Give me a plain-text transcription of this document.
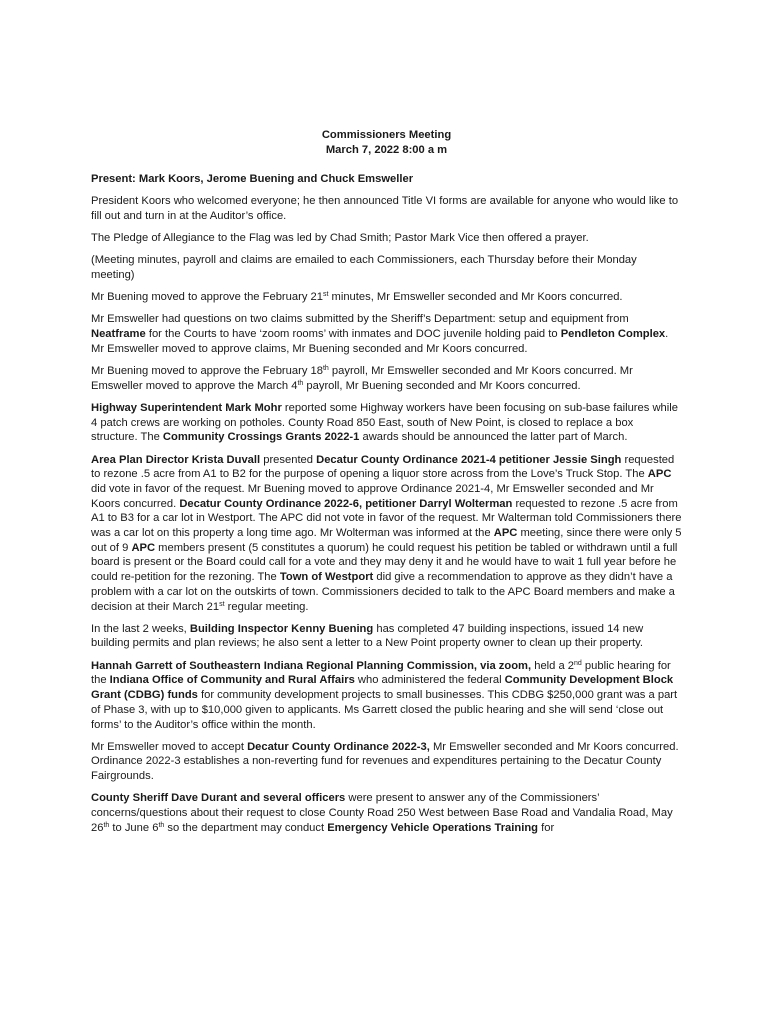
Commissioners Meeting
March 7, 2022 8:00 a m

Present: Mark Koors, Jerome Buening and Chuck Emsweller

President Koors who welcomed everyone; he then announced Title VI forms are available for anyone who would like to fill out and turn in at the Auditor’s office.

The Pledge of Allegiance to the Flag was led by Chad Smith; Pastor Mark Vice then offered a prayer.

(Meeting minutes, payroll and claims are emailed to each Commissioners, each Thursday before their Monday meeting)

Mr Buening moved to approve the February 21st minutes, Mr Emsweller seconded and Mr Koors concurred.

Mr Emsweller had questions on two claims submitted by the Sheriff’s Department: setup and equipment from Neatframe for the Courts to have ‘zoom rooms’ with inmates and DOC juvenile holding paid to Pendleton Complex. Mr Emsweller moved to approve claims, Mr Buening seconded and Mr Koors concurred.

Mr Buening moved to approve the February 18th payroll, Mr Emsweller seconded and Mr Koors concurred. Mr Emsweller moved to approve the March 4th payroll, Mr Buening seconded and Mr Koors concurred.

Highway Superintendent Mark Mohr reported some Highway workers have been focusing on sub-base failures while 4 patch crews are working on potholes. County Road 850 East, south of New Point, is closed to replace a box structure. The Community Crossings Grants 2022-1 awards should be announced the latter part of March.

Area Plan Director Krista Duvall presented Decatur County Ordinance 2021-4 petitioner Jessie Singh requested to rezone .5 acre from A1 to B2 for the purpose of opening a liquor store across from the Love’s Truck Stop. The APC did vote in favor of the request. Mr Buening moved to approve Ordinance 2021-4, Mr Emsweller seconded and Mr Koors concurred. Decatur County Ordinance 2022-6, petitioner Darryl Wolterman requested to rezone .5 acre from A1 to B3 for a car lot in Westport. The APC did not vote in favor of the request. Mr Walterman told Commissioners there was a car lot on this property a long time ago. Mr Wolterman was informed at the APC meeting, since there were only 5 out of 9 APC members present (5 constitutes a quorum) he could request his petition be tabled or withdrawn until a full board is present or the Board could call for a vote and they may deny it and he would have to wait 1 full year before he could re-petition for the rezoning. The Town of Westport did give a recommendation to approve as they didn’t have a problem with a car lot on the outskirts of town. Commissioners decided to talk to the APC Board members and make a decision at their March 21st regular meeting.

In the last 2 weeks, Building Inspector Kenny Buening has completed 47 building inspections, issued 14 new building permits and plan reviews; he also sent a letter to a New Point property owner to clean up their property.

Hannah Garrett of Southeastern Indiana Regional Planning Commission, via zoom, held a 2nd public hearing for the Indiana Office of Community and Rural Affairs who administered the federal Community Development Block Grant (CDBG) funds for community development projects to small businesses. This CDBG $250,000 grant was a part of Phase 3, with up to $10,000 given to applicants. Ms Garrett closed the public hearing and she will send ‘close out forms’ to the Auditor’s office within the month.

Mr Emsweller moved to accept Decatur County Ordinance 2022-3, Mr Emsweller seconded and Mr Koors concurred. Ordinance 2022-3 establishes a non-reverting fund for revenues and expenditures pertaining to the Decatur County Fairgrounds.

County Sheriff Dave Durant and several officers were present to answer any of the Commissioners’ concerns/questions about their request to close County Road 250 West between Base Road and Vandalia Road, May 26th to June 6th so the department may conduct Emergency Vehicle Operations Training for
